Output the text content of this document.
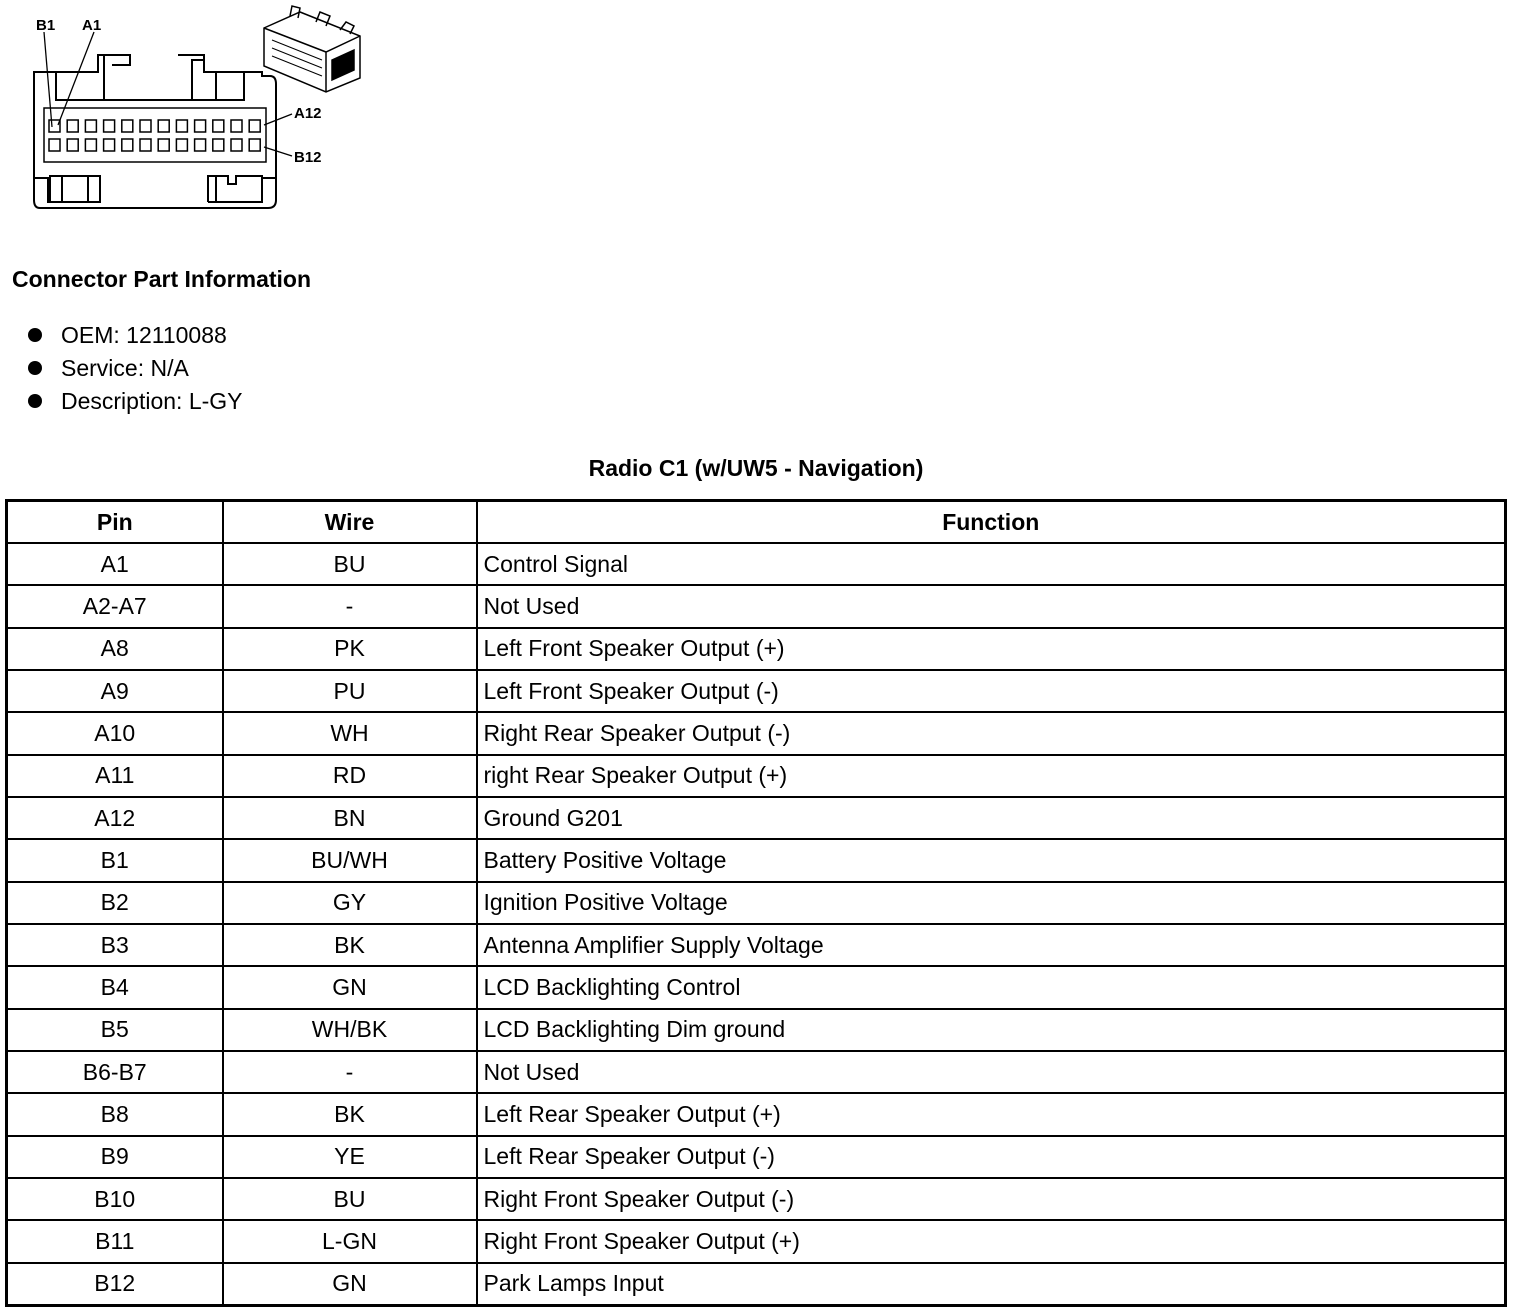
B1 A1
A12
B12
Connector Part Information
OEM: 12110088
Service: N/A
Description: L-GY
Radio C1 (w/UW5 - Navigation)
Pin	Wire	Function
A1	BU	Control Signal
A2-A7	-	Not Used
A8	PK	Left Front Speaker Output (+)
A9	PU	Left Front Speaker Output (-)
A10	WH	Right Rear Speaker Output (-)
A11	RD	right Rear Speaker Output (+)
A12	BN	Ground G201
B1	BU/WH	Battery Positive Voltage
B2	GY	Ignition Positive Voltage
B3	BK	Antenna Amplifier Supply Voltage
B4	GN	LCD Backlighting Control
B5	WH/BK	LCD Backlighting Dim ground
B6-B7	-	Not Used
B8	BK	Left Rear Speaker Output (+)
B9	YE	Left Rear Speaker Output (-)
B10	BU	Right Front Speaker Output (-)
B11	L-GN	Right Front Speaker Output (+)
B12	GN	Park Lamps Input
